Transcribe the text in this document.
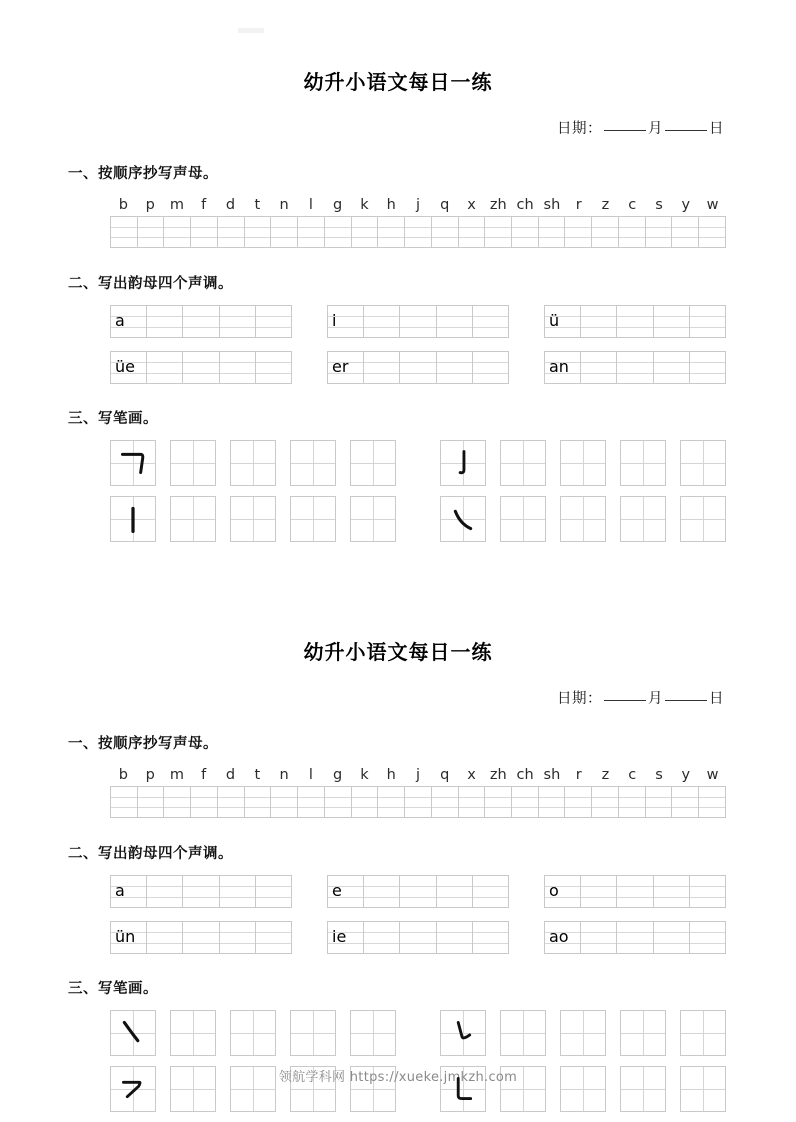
幼升小语文每日一练
日期：	月	日
一、按顺序抄写声母。
b	p	m	f	d	t	n	l	g	k	h	j	q	x zh ch sh	r	z	c	s	y	w
二、写出韵母四个声调。
a	i	ü
üe	er	an
三、写笔画。
幼升小语文每日一练
日期：	月	日
一、按顺序抄写声母。
b	p	m	f	d	t	n	l	g	k	h	j	q	x zh ch sh	r	z	c	s	y	w
二、写出韵母四个声调。
a	e	o
ün	ie	ao
三、写笔画。
领航学科网 https://xueke.jmkzh.com
